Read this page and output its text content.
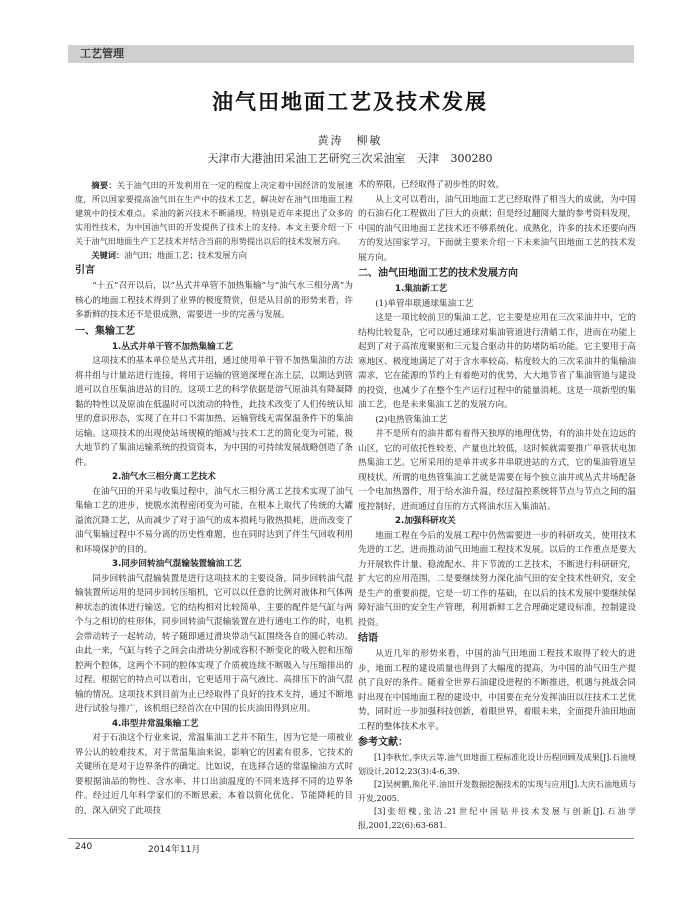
工艺管理
油气田地面工艺及技术发展
黄涛　柳敏
天津市大港油田采油工艺研究三次采油室 天津 300280

摘要：关于油气田的开发利用在一定的程度上决定着中国经济的发展速度，所以国家要提高油气田在生产中的技术工艺，解决好在油气田地面工程建筑中的技术难点。采油的新兴技术不断涌现，特别是近年来提出了众多的实用性技术，为中国油气田的开发提供了技术上的支持。本文主要介绍一下关于油气田地面生产工艺技术并结合当前的形势提出以后的技术发展方向。

关键词：油气田；地面工艺；技术发展方向

引言

“十五”召开以后，以“丛式井单管不加热集输”与“油气水三相分离”为核心的地面工程技术得到了业界的极度赞赏，但是从目前的形势来看，许多新鲜的技术还不是很成熟，需要进一步的完善与发展。

一、集输工艺
1.丛式井单干管不加热集输工艺

这项技术的基本单位是丛式井组，通过使用单干管不加热集油的方法将井组与计量站进行连接，将用于运输的管道深埋在冻土层，以期达到管道可以自压集油进站的目的。这项工艺的科学依据是溶气原油具有降凝降黏的特性以及原油在低温时可以流动的特性，此技术改变了人们传统认知里的意识形态，实现了在井口不需加热，运输管线无需保温条件下的集油运输。这项技术的出现使站场规模的缩减与技术工艺的简化变为可能，极大地节约了集油运输系统的投资资本，为中国的可持续发展战略创造了条件。

2.油气水三相分离工艺技术

在油气田的开采与收集过程中，油气水三相分离工艺技术实现了油气集输工艺的进步，使脱水流程密闭变为可能，在根本上取代了传统的大罐溢流沉降工艺，从而减少了对于油气的成本损耗与散热损耗，进而改变了油气集输过程中不易分离的历史性难题，也在同时达到了伴生气回收利用和环境保护的目的。

3.同步回转油气混输装置输油工艺

同步回转油气混输装置是进行这项技术的主要设备，同步回转油气混输装置所运用的是同步回转压缩机，它可以以任意的比例对液体和气体两种状态的流体进行输送。它的结构相对比较简单，主要的配件是气缸与两个与之相切的柱形体，同步回转油气混输装置在进行通电工作的时，电机会带动转子一起转动，转子随即通过滑块带动气缸围绕各自的圆心转动。由此一来，气缸与转子之间会由滑块分割成容积不断变化的吸入腔和压缩腔两个腔体，这两个不同的腔体实现了介质被连续不断吸入与压缩排出的过程。根据它的特点可以看出，它更适用于高气液比、高排压下的油气混输的情况。这项技术到目前为止已经取得了良好的技术支持，通过不断地进行试验与推广，该机组已经首次在中国的长庆油田得到应用。

4.串型井常温集输工艺

对于石油这个行业来说，常温集油工艺并不陌生，因为它是一项被业界公认的较难技术，对于常温集油来说，影响它的因素有很多，它技术的关键所在是对于边界条件的确定。比如说，在选择合适的常温输油方式时要根据油品的物性、含水率、井口出油温度的不同来选择不同的边界条件。经过近几年科学家们的不断思索，本着以简化优化、节能降耗的目的，深入研究了此项技

术的界限，已经取得了初步性的时效。

从上文可以看出，油气田地面工艺已经取得了相当大的成就，为中国的石油石化工程做出了巨大的贡献；但是经过翻阅大量的参考资料发现，中国的油气田地面工艺技术还不够系统化、成熟化，许多的技术还要向西方的发达国家学习，下面就主要来介绍一下未来油气田地面工艺的技术发展方向。

二、油气田地面工艺的技术发展方向
1.集油新工艺

(1)单管串联通球集油工艺

这是一项比较前卫的集油工艺，它主要是应用在三次采油井中，它的结构比较复杂，它可以通过通球对集油管道进行清蜡工作，进而在功能上起到了对于高浓度聚驱和三元复合驱动井的防堵防垢功能。它主要用于高寒地区、极度地满足了对于含水率较高、粘度较大的三次采油井的集输油需求，它在能源的节约上有着绝对的优势，大大地节省了集油管道与建设的投资，也减少了在整个生产运行过程中的能量消耗。这是一项新型的集油工艺，也是未来集油工艺的发展方向。

(2)电热管集油工艺

井不是所有的油井都有着得天独厚的地理优势，有的油井处在边远的山区，它的可依托性较差，产量也比较低，这时候就需要推广单管状电加热集油工艺。它所采用的是单井或多井串联进站的方式，它的集油管道呈现枝状。所谓的电热管集油工艺就是需要在每个独立油井或丛式井场配备一个电加热器件，用于给水油升温，经过温控系统将节点与节点之间的温度控制好，进而通过自压的方式将油水压入集油站。

2.加强科研攻关

地面工程在今后的发展工程中仍然需要进一步的科研攻关，使用技术先进的工艺，进而推动油气田地面工程技术发展。以后的工作重点是要大力开展软件计量、稳流配水、井下节流的工艺技术，不断进行科研研究，扩大它的应用范围，二是要继续努力深化油气田的安全技术性研究，安全是生产的重要前提，它是一切工作的基础，在以后的技术发展中要继续保障好油气田的安全生产管理，利用新鲜工艺合理确定建设标准，控制建设投资。

结语

从近几年的形势来看，中国的油气田地面工程技术取得了较大的进步，地面工程的建设质量也得到了大幅度的提高，为中国的油气田生产提供了良好的条件。随着全世界石油建设进程的不断推进，机遇与挑战会同时出现在中国地面工程的建设中，中国要在充分发挥油田以往技术工艺优势，同时近一步加强科技创新，着眼世界，着眼未来，全面提升油田地面工程的整体技术水平。

参考文献：

[1]李秋忙,李庆云等.油气田地面工程标准化设计历程回顾及成果[J].石油规划设计,2012,23(3):4-6,39.

[2]吴树鹏,熊化平.油田开发数据挖掘技术的实现与应用[J].大庆石油地质与开发,2005.

[3]张绍槐,张洁.21世纪中国钻井技术发展与创新[J].石油学报,2001,22(6):63-681.

240	2014年11月
